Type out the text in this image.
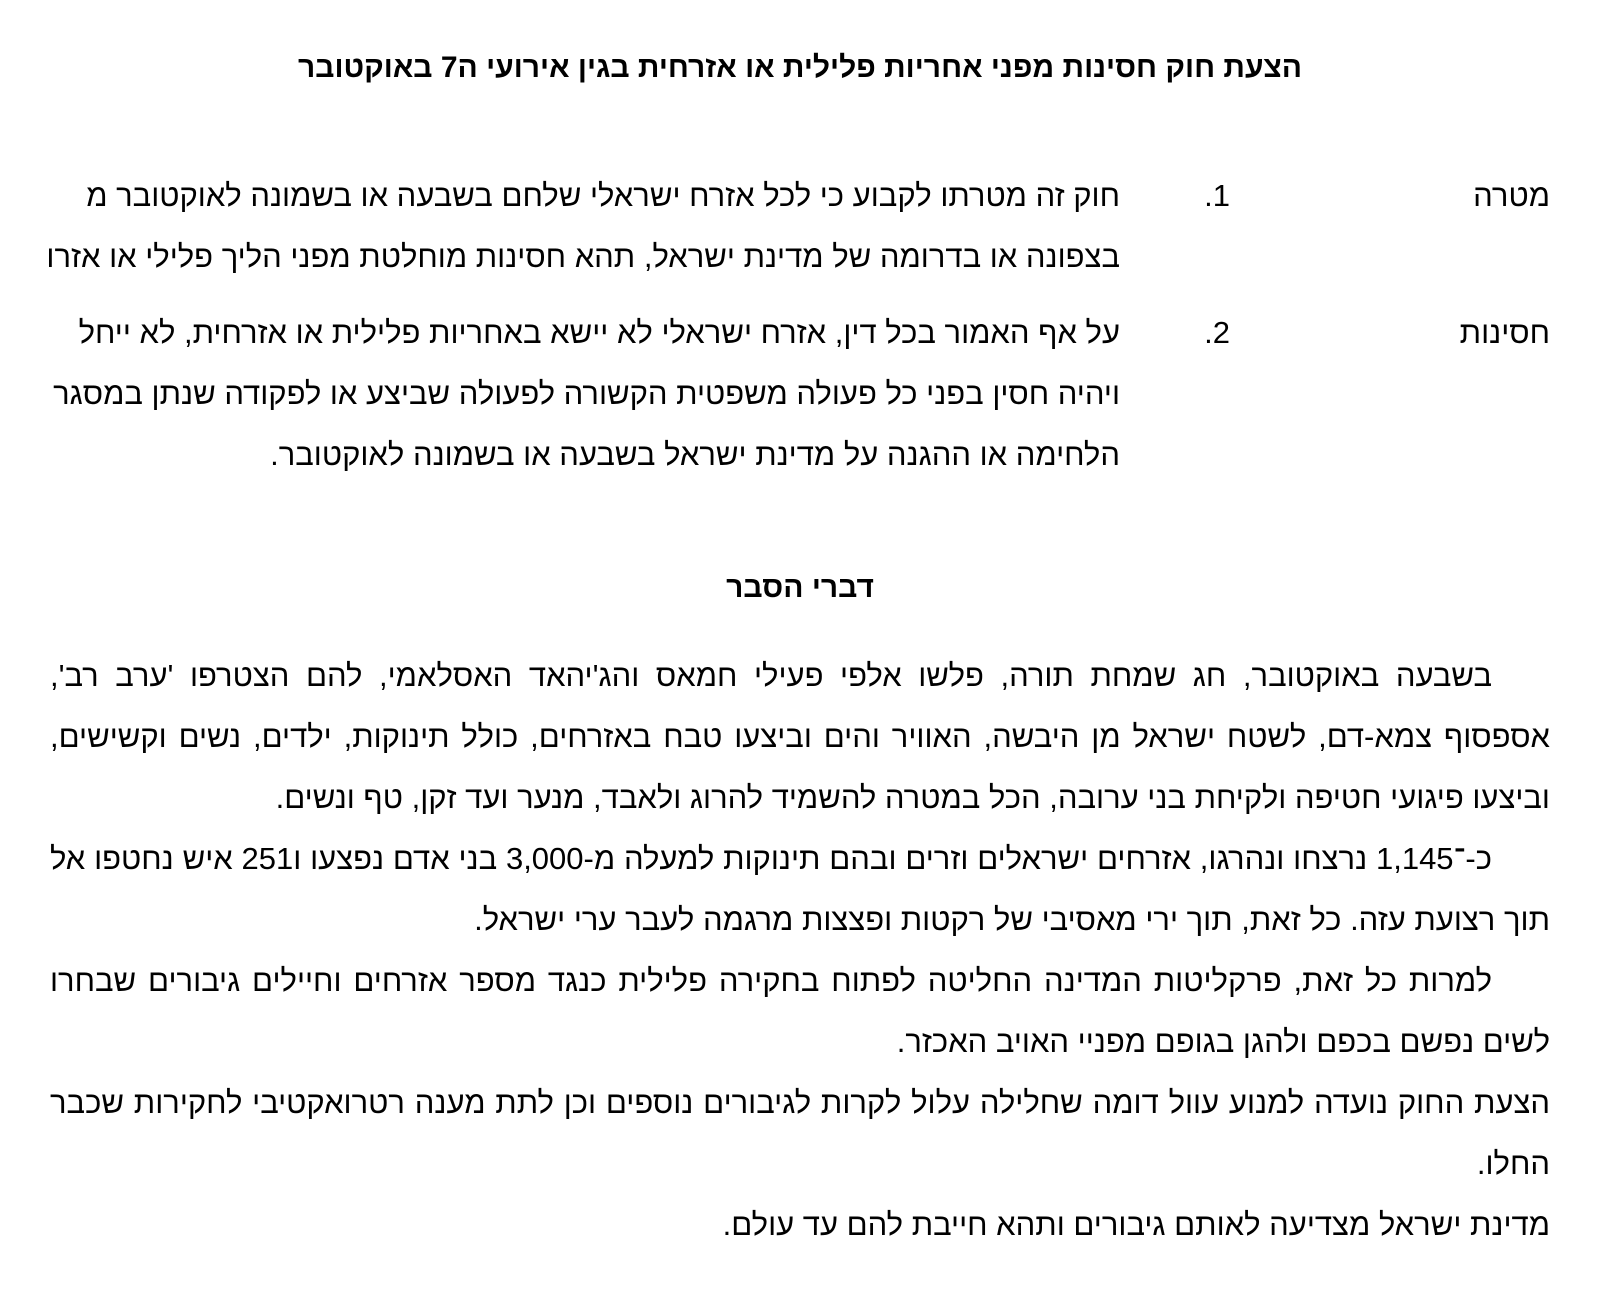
הצעת חוק חסינות מפני אחריות פלילית או אזרחית בגין אירועי ה7 באוקטובר
מטרה
1.
חוק זה מטרתו לקבוע כי לכל אזרח ישראלי שלחם בשבעה או בשמונה לאוקטובר מ
בצפונה או בדרומה של מדינת ישראל, תהא חסינות מוחלטת מפני הליך פלילי או אזרו
חסינות
2.
על אף האמור בכל דין, אזרח ישראלי לא יישא באחריות פלילית או אזרחית, לא ייחל
ויהיה חסין בפני כל פעולה משפטית הקשורה לפעולה שביצע או לפקודה שנתן במסגר
הלחימה או ההגנה על מדינת ישראל בשבעה או בשמונה לאוקטובר.
דברי הסבר

בשבעה באוקטובר, חג שמחת תורה, פלשו אלפי פעילי חמאס והג'יהאד האסלאמי, להם הצטרפו 'ערב רב', אספסוף צמא-דם, לשטח ישראל מן היבשה, האוויר והים וביצעו טבח באזרחים, כולל תינוקות, ילדים, נשים וקשישים, וביצעו פיגועי חטיפה ולקיחת בני ערובה, הכל במטרה להשמיד להרוג ולאבד, מנער ועד זקן, טף ונשים.

כ-־1,145 נרצחו ונהרגו, אזרחים ישראלים וזרים ובהם תינוקות למעלה מ-3,000 בני אדם נפצעו ו251 איש נחטפו אל תוך רצועת עזה. כל זאת, תוך ירי מאסיבי של רקטות ופצצות מרגמה לעבר ערי ישראל.

למרות כל זאת, פרקליטות המדינה החליטה לפתוח בחקירה פלילית כנגד מספר אזרחים וחיילים גיבורים שבחרו לשים נפשם בכפם ולהגן בגופם מפניי האויב האכזר.

הצעת החוק נועדה למנוע עוול דומה שחלילה עלול לקרות לגיבורים נוספים וכן לתת מענה רטרואקטיבי לחקירות שכבר החלו.

מדינת ישראל מצדיעה לאותם גיבורים ותהא חייבת להם עד עולם.
